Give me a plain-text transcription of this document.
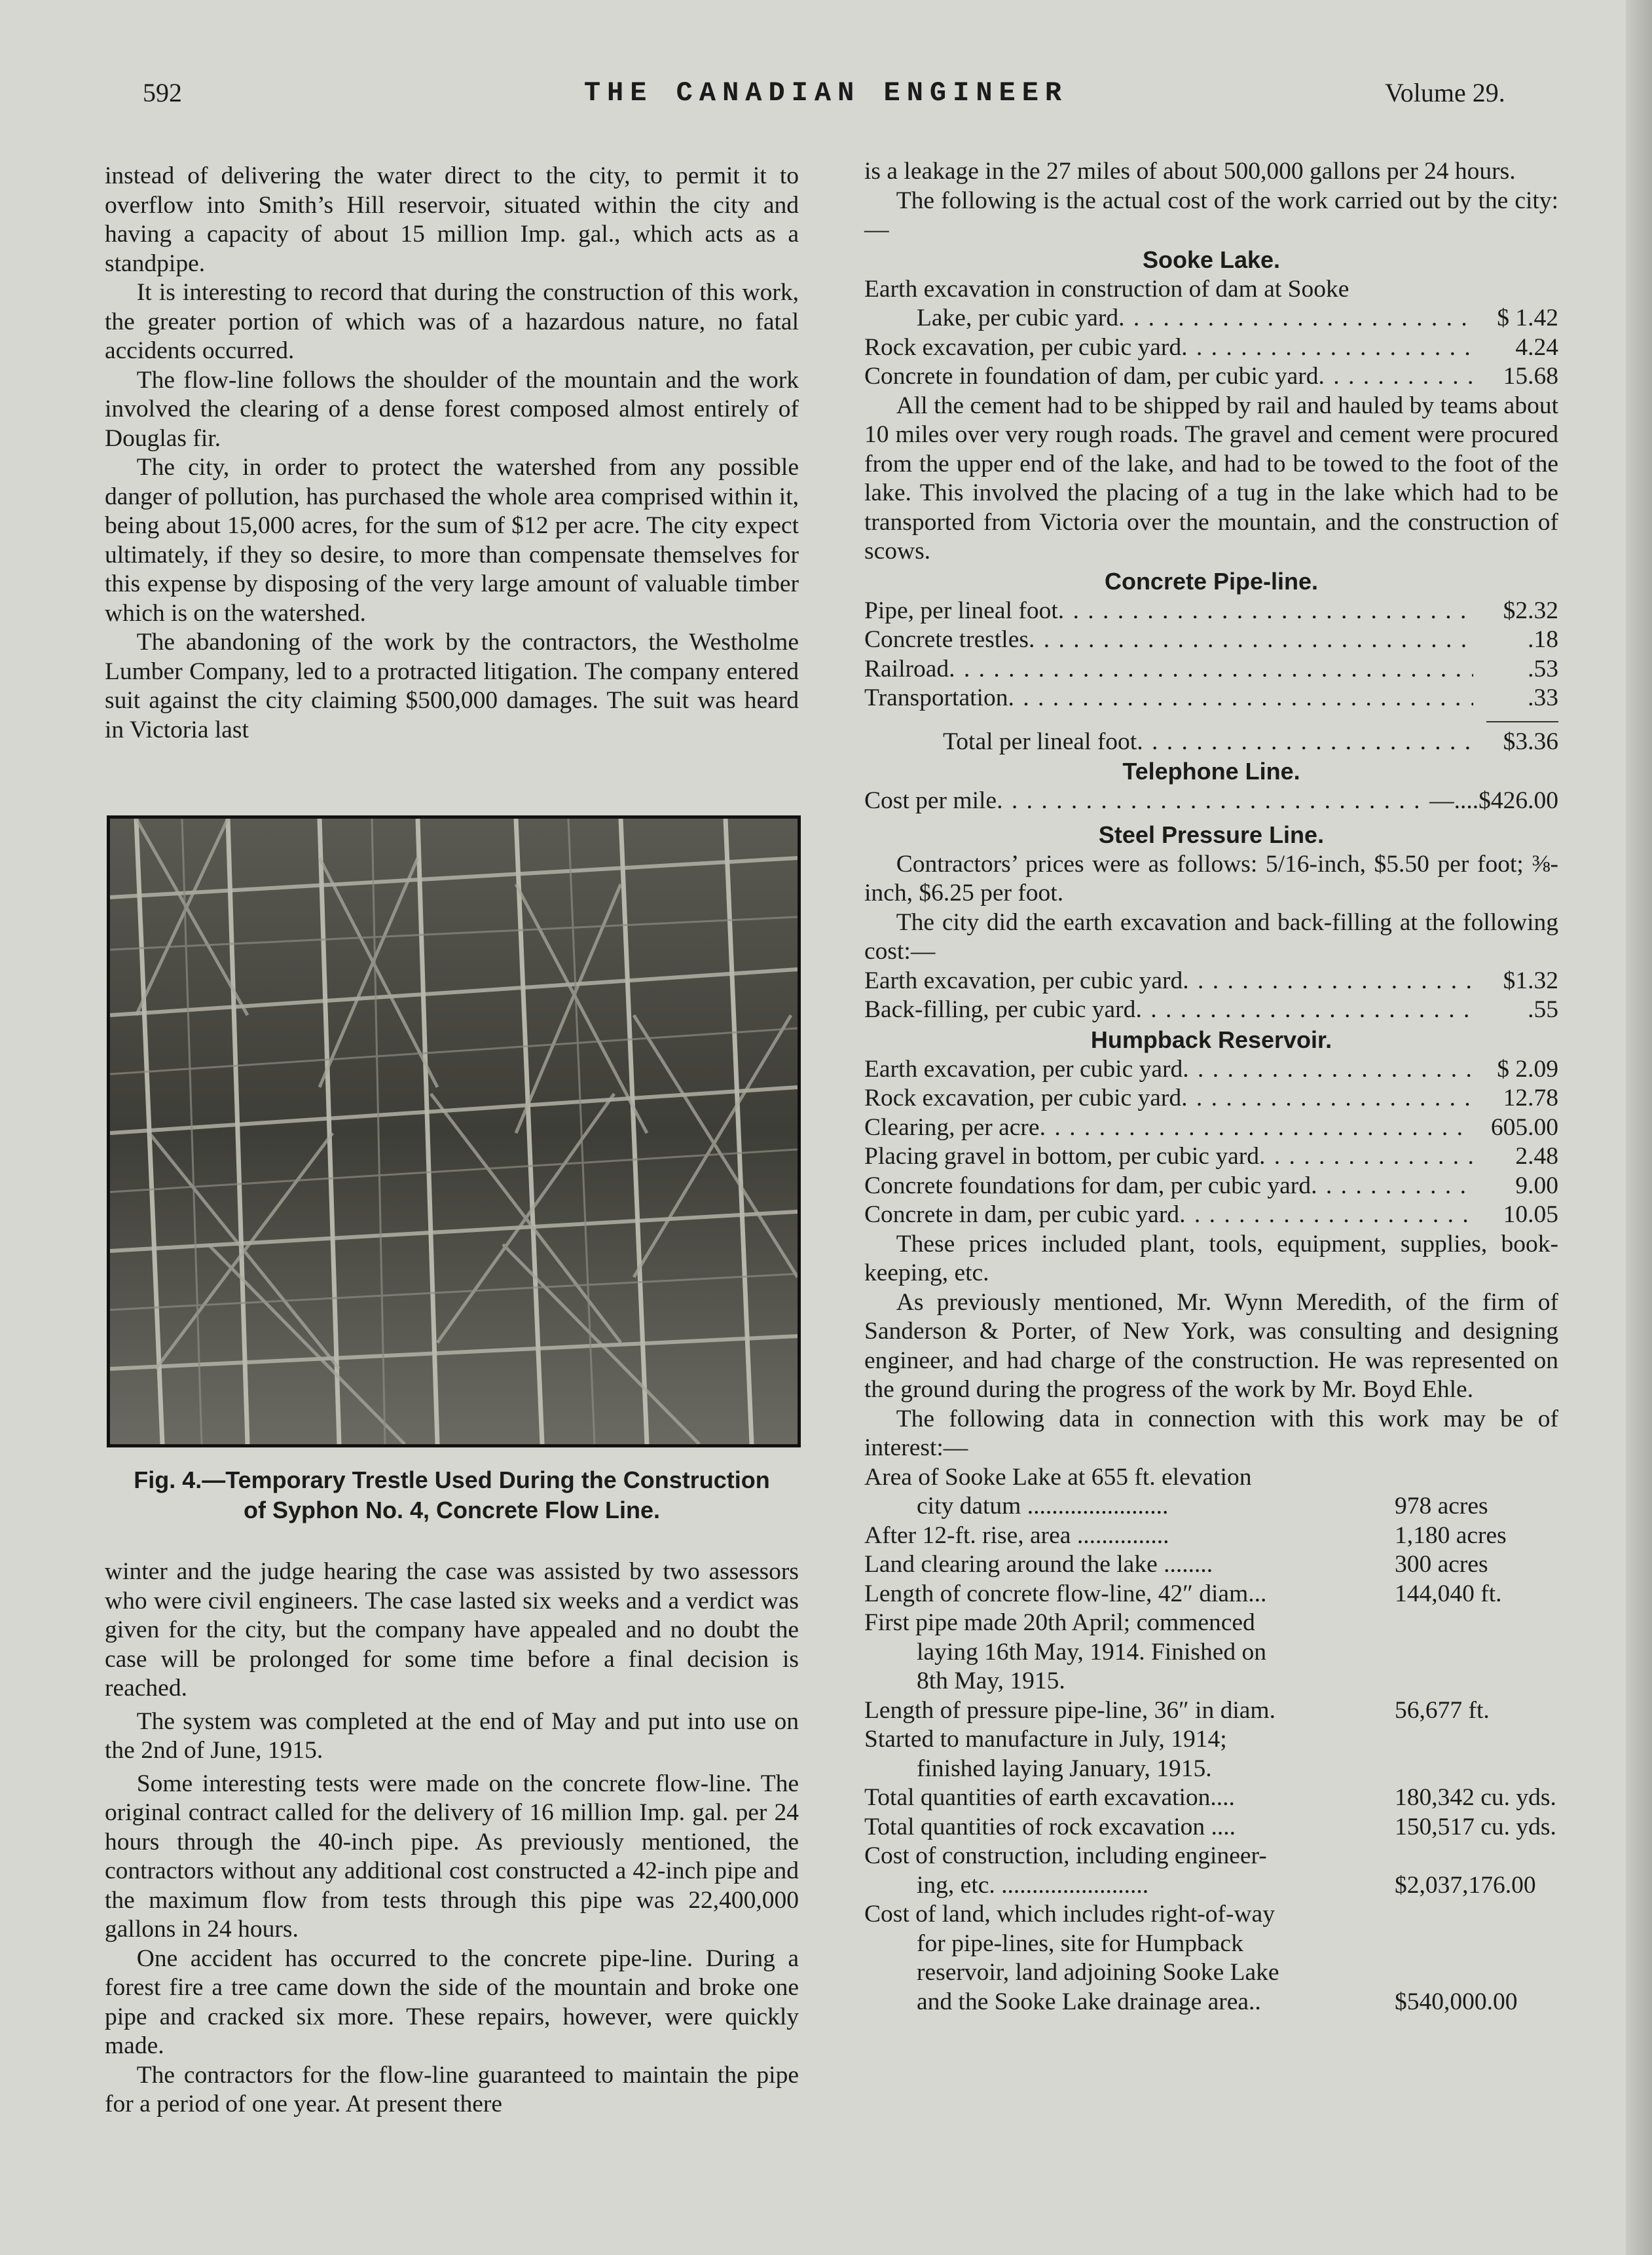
THE CANADIAN ENGINEER
592	Volume 29.

instead of delivering the water direct to the city, to permit it to overflow into Smith’s Hill reservoir, situated within the city and having a capacity of about 15 million Imp. gal., which acts as a standpipe.

It is interesting to record that during the construction of this work, the greater portion of which was of a hazardous nature, no fatal accidents occurred.

The flow-line follows the shoulder of the mountain and the work involved the clearing of a dense forest composed almost entirely of Douglas fir.

The city, in order to protect the watershed from any possible danger of pollution, has purchased the whole area comprised within it, being about 15,000 acres, for the sum of $12 per acre. The city expect ultimately, if they so desire, to more than compensate themselves for this expense by disposing of the very large amount of valuable timber which is on the watershed.

The abandoning of the work by the contractors, the Westholme Lumber Company, led to a protracted litigation. The company entered suit against the city claiming $500,000 damages. The suit was heard in Victoria last

Fig. 4.—Temporary Trestle Used During the Construction
of Syphon No. 4, Concrete Flow Line.

winter and the judge hearing the case was assisted by two assessors who were civil engineers. The case lasted six weeks and a verdict was given for the city, but the company have appealed and no doubt the case will be prolonged for some time before a final decision is reached.

The system was completed at the end of May and put into use on the 2nd of June, 1915.

Some interesting tests were made on the concrete flow-line. The original contract called for the delivery of 16 million Imp. gal. per 24 hours through the 40-inch pipe. As previously mentioned, the contractors without any additional cost constructed a 42-inch pipe and the maximum flow from tests through this pipe was 22,400,000 gallons in 24 hours.

One accident has occurred to the concrete pipe-line. During a forest fire a tree came down the side of the mountain and broke one pipe and cracked six more. These repairs, however, were quickly made.

The contractors for the flow-line guaranteed to maintain the pipe for a period of one year. At present there

is a leakage in the 27 miles of about 500,000 gallons per 24 hours.

The following is the actual cost of the work carried out by the city:—

Sooke Lake.
Earth excavation in construction of dam at Sooke
Lake, per cubic yard . . .	$ 1.42
Rock excavation, per cubic yard . . .	4.24
Concrete in foundation of dam, per cubic yard . . .	15.68

All the cement had to be shipped by rail and hauled by teams about 10 miles over very rough roads. The gravel and cement were procured from the upper end of the lake, and had to be towed to the foot of the lake. This involved the placing of a tug in the lake which had to be transported from Victoria over the mountain, and the construction of scows.

Concrete Pipe-line.
Pipe, per lineal foot . . .	$2.32
Concrete trestles . . .	.18
Railroad . . .	.53
Transportation . . .	.33
Total per lineal foot . . .	$3.36
Telephone Line.
Cost per mile . . .	—....$426.00
Steel Pressure Line.

Contractors’ prices were as follows: 5/16-inch, $5.50 per foot; ⅜-inch, $6.25 per foot.

The city did the earth excavation and back-filling at the following cost:—

Earth excavation, per cubic yard . . .	$1.32
Back-filling, per cubic yard . . .	.55
Humpback Reservoir.
Earth excavation, per cubic yard . . .	$ 2.09
Rock excavation, per cubic yard . . .	12.78
Clearing, per acre . . .	605.00
Placing gravel in bottom, per cubic yard . . .	2.48
Concrete foundations for dam, per cubic yard . . .	9.00
Concrete in dam, per cubic yard . . .	10.05

These prices included plant, tools, equipment, supplies, book-keeping, etc.

As previously mentioned, Mr. Wynn Meredith, of the firm of Sanderson & Porter, of New York, was consulting and designing engineer, and had charge of the construction. He was represented on the ground during the progress of the work by Mr. Boyd Ehle.

The following data in connection with this work may be of interest:—

Area of Sooke Lake at 655 ft. elevation
city datum .......................	978 acres
After 12-ft. rise, area ...............	1,180 acres
Land clearing around the lake ........	300 acres
Length of concrete flow-line, 42″ diam...	144,040 ft.
First pipe made 20th April; commenced
laying 16th May, 1914. Finished on
8th May, 1915.
Length of pressure pipe-line, 36″ in diam.	56,677 ft.
Started to manufacture in July, 1914;
finished laying January, 1915.
Total quantities of earth excavation....	180,342 cu. yds.
Total quantities of rock excavation ....	150,517 cu. yds.
Cost of construction, including engineer-
ing, etc. ........................	$2,037,176.00
Cost of land, which includes right-of-way
for pipe-lines, site for Humpback
reservoir, land adjoining Sooke Lake
and the Sooke Lake drainage area..	$540,000.00
